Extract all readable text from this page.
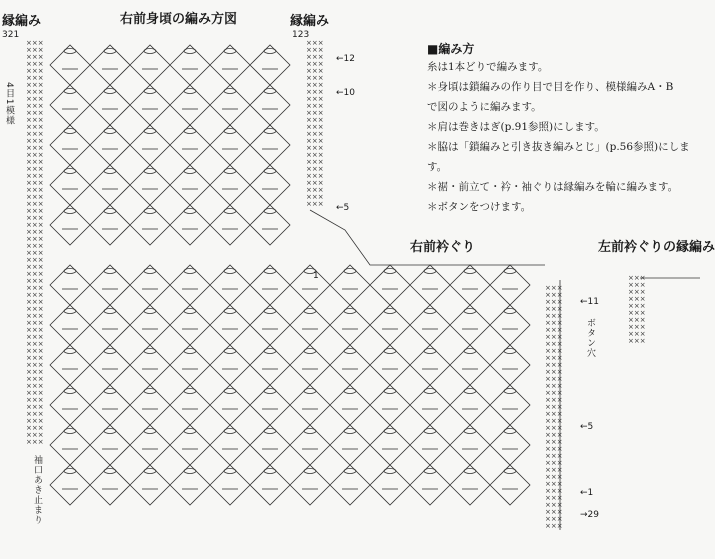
×××
×××
×××
×××
×××
×××
×××
×××
×××
×××
×××
×××
×××
×××
×××
×××
×××
×××
×××
×××
×××
×××
×××
×××
×××
×××
×××
×××
×××
×××
×××
×××
×××
×××
×××
×××
×××
×××
×××
×××
×××
×××
×××
×××
×××
×××
×××
×××
×××
×××
×××
×××
×××
×××
×××
×××
×××
×××
×××
×××
×××
×××
×××
×××
×××
×××
×××
×××
×××
×××
×××
×××
×××
×××
×××
×××
×××
×××
×××
×××
×××
×××
×××
×××
×××
×××
×××
×××
×××
×××
×××
×××
×××
×××
×××
×××
×××
×××
×××
×××
×××
×××
×××
×××
×××
×××
×××
×××
×××
×××
×××
×××
×××
×××
×××
×××
×××
×××
×××
×××
×××
×××
×××
×××
×××
×××
×××
縁編み	右前身頃の編み方図	縁編み
右前衿ぐり	左前衿ぐりの縁編み
321	123
←12
←10
←5
1
←11
←5
←1
→29
4目1模様
袖口あき止まり
ボタン穴
■編み方
糸は1本どりで編みます。
＊身頃は鎖編みの作り目で目を作り、模様編みA・B
で図のように編みます。
＊肩は巻きはぎ(p.91参照)にします。
＊脇は「鎖編みと引き抜き編みとじ」(p.56参照)にしま
す。
＊裾・前立て・衿・袖ぐりは縁編みを輪に編みます。
＊ボタンをつけます。
